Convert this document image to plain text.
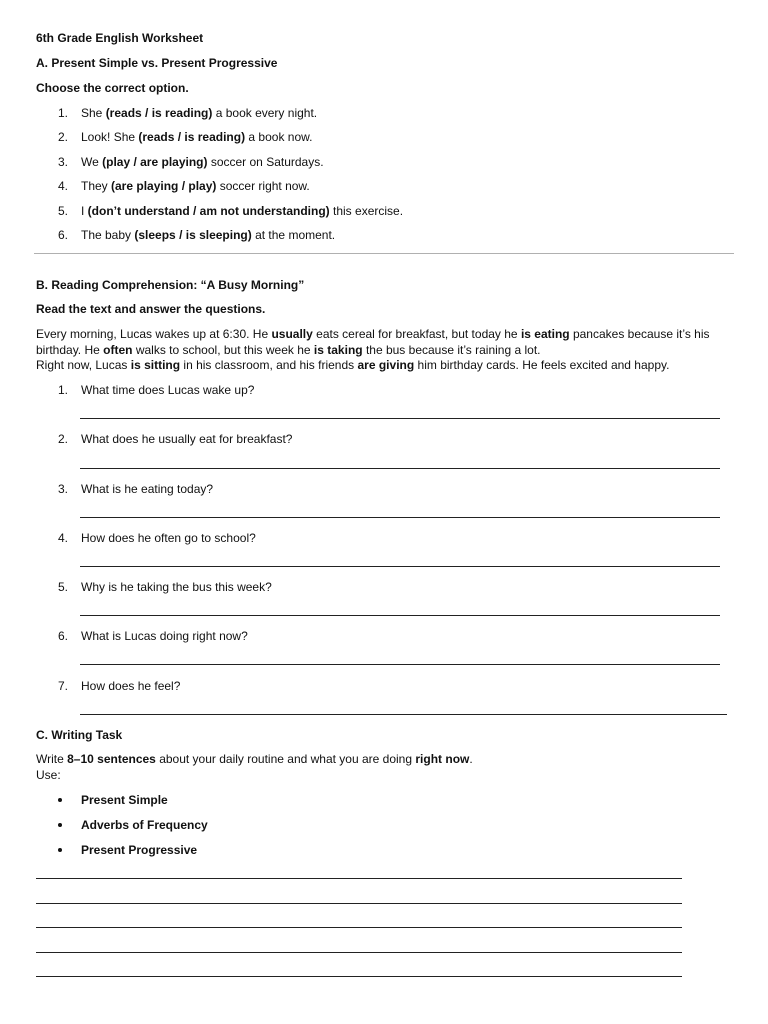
6th Grade English Worksheet
A. Present Simple vs. Present Progressive
Choose the correct option.
1. She (reads / is reading) a book every night.
2. Look! She (reads / is reading) a book now.
3. We (play / are playing) soccer on Saturdays.
4. They (are playing / play) soccer right now.
5. I (don’t understand / am not understanding) this exercise.
6. The baby (sleeps / is sleeping) at the moment.
B. Reading Comprehension: “A Busy Morning”
Read the text and answer the questions.
Every morning, Lucas wakes up at 6:30. He usually eats cereal for breakfast, but today he is eating pancakes because it’s his
birthday. He often walks to school, but this week he is taking the bus because it’s raining a lot.
Right now, Lucas is sitting in his classroom, and his friends are giving him birthday cards. He feels excited and happy.
1. What time does Lucas wake up?
2. What does he usually eat for breakfast?
3. What is he eating today?
4. How does he often go to school?
5. Why is he taking the bus this week?
6. What is Lucas doing right now?
7. How does he feel?
C. Writing Task
Write 8–10 sentences about your daily routine and what you are doing right now.
Use:
Present Simple
Adverbs of Frequency
Present Progressive
